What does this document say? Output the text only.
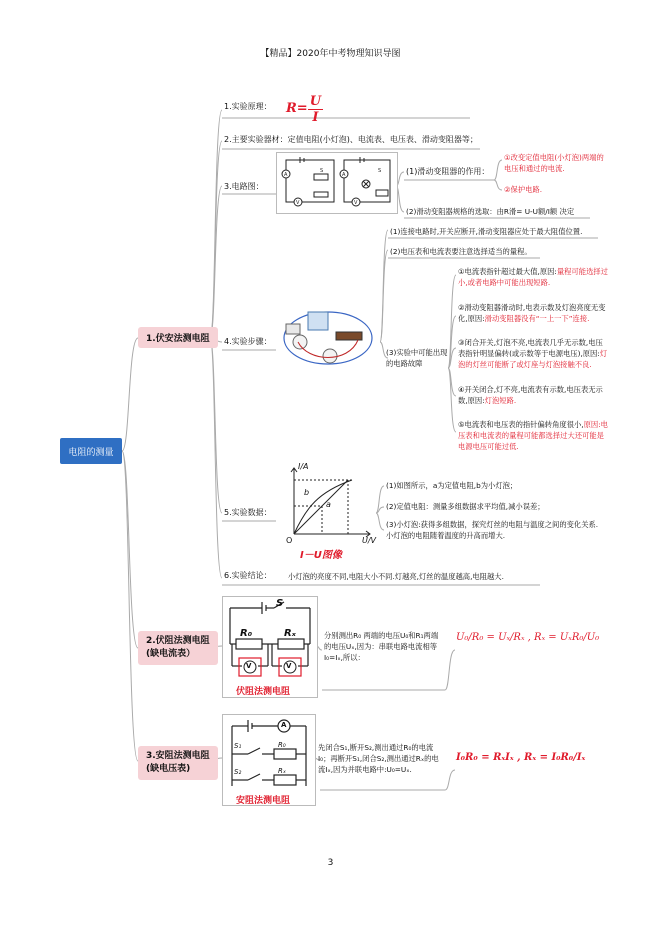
【精品】2020年中考物理知识导图
电阻的测量
1.伏安法测电阻
2.伏阻法测电阻
(缺电流表）
3.安阻法测电阻
(缺电压表)
1.实验原理： $R= \frac{U}{I}$
2.主要实验器材：定值电阻(小灯泡)、电流表、电压表、滑动变阻器等；
3.电路图：
A
V
S
A
V
S	(1)滑动变阻器的作用：
①改变定值电阻(小灯泡)两端的电压和通过的电流.
②保护电路.
(2)滑动变阻器规格的选取：由R滑= U-U额/I额 决定
4.实验步骤：
(1)连接电路时,开关应断开,滑动变阻器应处于最大阻值位置.
(2)电压表和电流表要注意选择适当的量程。
(3)实验中可能出现的电路故障
①电流表指针超过最大值,原因:量程可能选择过小,或者电路中可能出现短路.
②滑动变阻器滑动时,电表示数及灯泡亮度无变化,原因:滑动变阻器没有“一上一下”连接.
③闭合开关,灯泡不亮,电流表几乎无示数,电压表指针明显偏转(或示数等于电源电压),原因:灯泡的灯丝可能断了或灯座与灯泡接触不良.
④开关闭合,灯不亮,电流表有示数,电压表无示数,原因:灯泡短路.
⑤电流表和电压表的指针偏转角度很小,原因:电压表和电流表的量程可能都选择过大还可能是电源电压可能过低.
5.实验数据：
I/A
U/V
b
a
O
I－U图像
(1)如图所示，a为定值电阻,b为小灯泡；
(2)定值电阻：测量多组数据求平均值,减小误差；
(3)小灯泡:获得多组数据，探究灯丝的电阻与温度之间的变化关系.小灯泡的电阻随着温度的升高而增大.
6.实验结论： 小灯泡的亮度不同,电阻大小不同.灯越亮,灯丝的温度越高,电阻越大.
S
R₀	Rₓ
V	V
伏阻法测电阻
分别测出R₀ 两端的电压U₀和R₁两端的电压Uₓ,因为：串联电路电流相等I₀=Iₓ,所以：
U₀/R₀ = Uₓ/Rₓ , Rₓ = UₓR₀/U₀
A
S₁	R₀
S₂	Rₓ
安阻法测电阻
先闭合S₁,断开S₂,测出通过R₀的电流I₀；再断开S₁,闭合S₂,测出通过Rₓ的电流Iₓ,因为并联电路中:U₀=Uₓ.
I₀R₀ = RₓIₓ , Rₓ = I₀R₀/Iₓ
3
